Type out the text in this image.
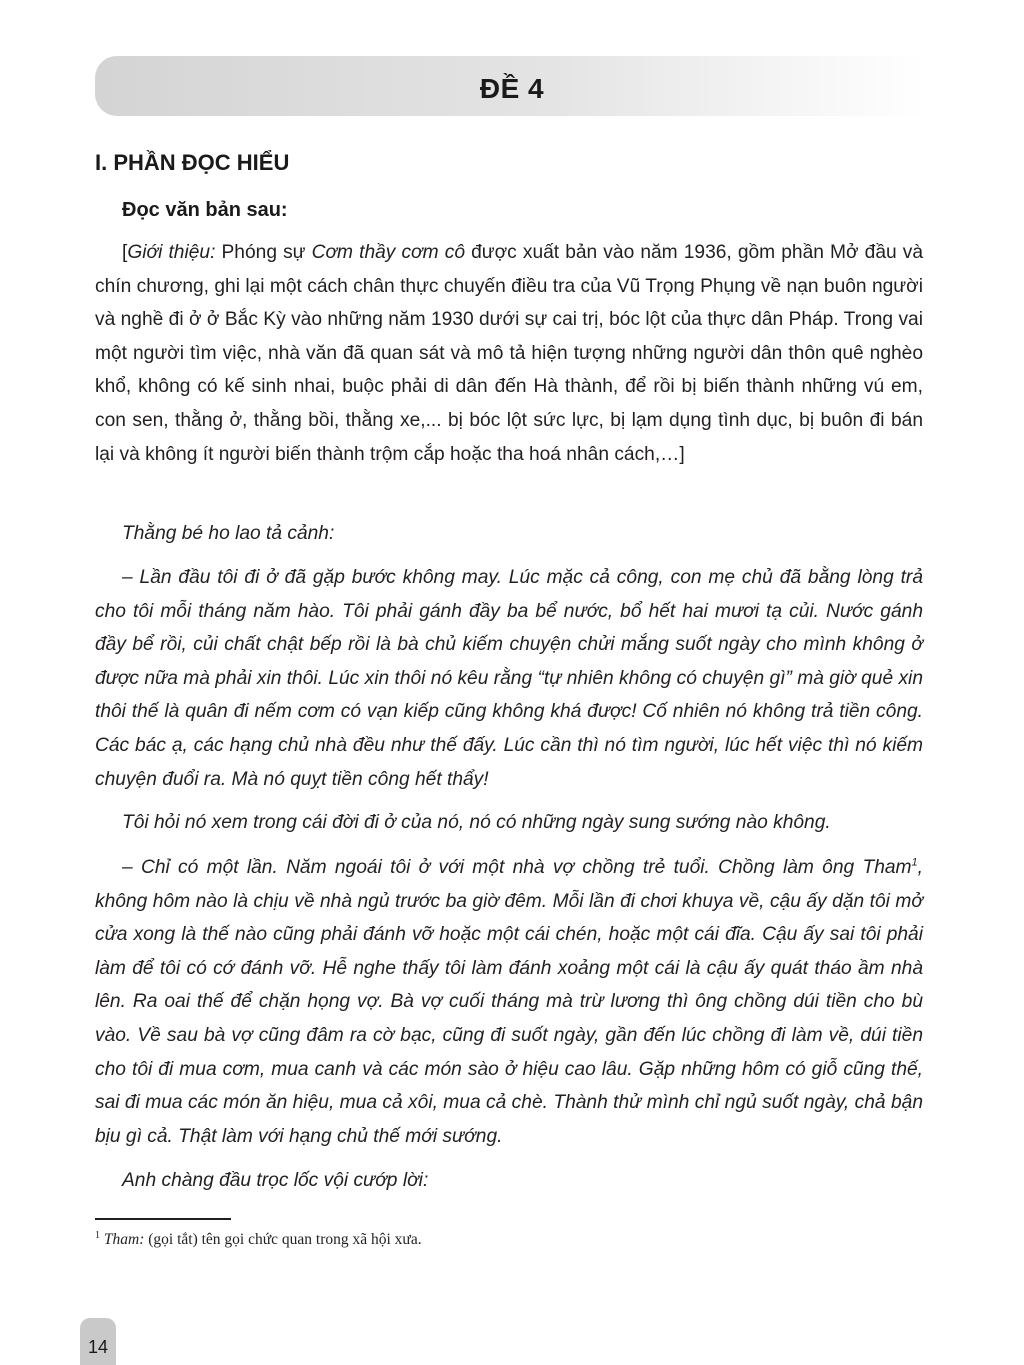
ĐỀ 4
I. PHẦN ĐỌC HIỂU
Đọc văn bản sau:

[Giới thiệu: Phóng sự Cơm thầy cơm cô được xuất bản vào năm 1936, gồm phần Mở đầu và chín chương, ghi lại một cách chân thực chuyến điều tra của Vũ Trọng Phụng về nạn buôn người và nghề đi ở ở Bắc Kỳ vào những năm 1930 dưới sự cai trị, bóc lột của thực dân Pháp. Trong vai một người tìm việc, nhà văn đã quan sát và mô tả hiện tượng những người dân thôn quê nghèo khổ, không có kế sinh nhai, buộc phải di dân đến Hà thành, để rồi bị biến thành những vú em, con sen, thằng ở, thằng bồi, thằng xe,... bị bóc lột sức lực, bị lạm dụng tình dục, bị buôn đi bán lại và không ít người biến thành trộm cắp hoặc tha hoá nhân cách,…]

Thằng bé ho lao tả cảnh:

– Lần đầu tôi đi ở đã gặp bước không may. Lúc mặc cả công, con mẹ chủ đã bằng lòng trả cho tôi mỗi tháng năm hào. Tôi phải gánh đầy ba bể nước, bổ hết hai mươi tạ củi. Nước gánh đầy bể rồi, củi chất chật bếp rồi là bà chủ kiếm chuyện chửi mắng suốt ngày cho mình không ở được nữa mà phải xin thôi. Lúc xin thôi nó kêu rằng “tự nhiên không có chuyện gì” mà giờ quẻ xin thôi thế là quân đi nếm cơm có vạn kiếp cũng không khá được! Cố nhiên nó không trả tiền công. Các bác ạ, các hạng chủ nhà đều như thế đấy. Lúc cần thì nó tìm người, lúc hết việc thì nó kiếm chuyện đuổi ra. Mà nó quỵt tiền công hết thẩy!

Tôi hỏi nó xem trong cái đời đi ở của nó, nó có những ngày sung sướng nào không.

– Chỉ có một lần. Năm ngoái tôi ở với một nhà vợ chồng trẻ tuổi. Chồng làm ông Tham$^1$, không hôm nào là chịu về nhà ngủ trước ba giờ đêm. Mỗi lần đi chơi khuya về, cậu ấy dặn tôi mở cửa xong là thế nào cũng phải đánh vỡ hoặc một cái chén, hoặc một cái đĩa. Cậu ấy sai tôi phải làm để tôi có cớ đánh vỡ. Hễ nghe thấy tôi làm đánh xoảng một cái là cậu ấy quát tháo ầm nhà lên. Ra oai thế để chặn họng vợ. Bà vợ cuối tháng mà trừ lương thì ông chồng dúi tiền cho bù vào. Về sau bà vợ cũng đâm ra cờ bạc, cũng đi suốt ngày, gần đến lúc chồng đi làm về, dúi tiền cho tôi đi mua cơm, mua canh và các món sào ở hiệu cao lâu. Gặp những hôm có giỗ cũng thế, sai đi mua các món ăn hiệu, mua cả xôi, mua cả chè. Thành thử mình chỉ ngủ suốt ngày, chả bận bịu gì cả. Thật làm với hạng chủ thế mới sướng.

Anh chàng đầu trọc lốc vội cướp lời:

$^1$ Tham: (gọi tắt) tên gọi chức quan trong xã hội xưa.
14
